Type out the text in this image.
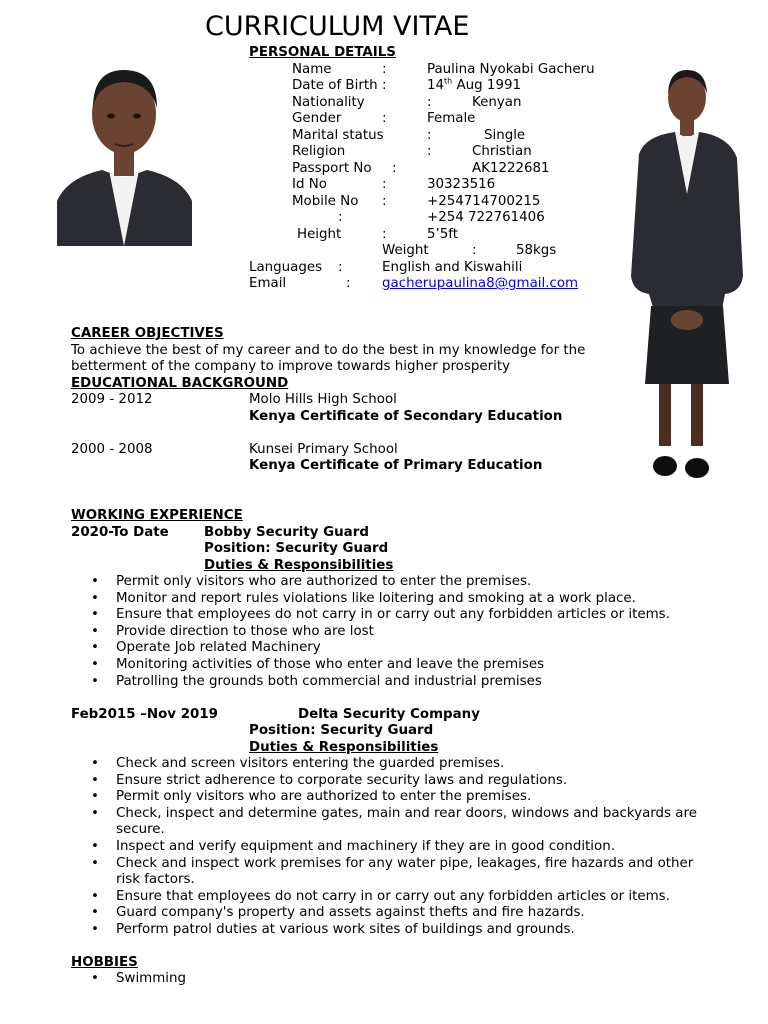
CURRICULUM VITAE
PERSONAL DETAILS
Name	:	Paulina Nyokabi Gacheru
Date of Birth :	14th Aug 1991
Nationality	:	Kenyan
Gender	:	Female
Marital status	:	Single
Religion	:	Christian
Passport No :	AK1222681
Id No	:	30323516
Mobile No :	+254714700215
:	+254 722761406
Height	:	5’5ft
Weight	:	58kgs
Languages :	English and Kiswahili
Email	: gacherupaulina8@gmail.com
CAREER OBJECTIVES
To achieve the best of my career and to do the best in my knowledge for the
betterment of the company to improve towards higher prosperity
EDUCATIONAL BACKGROUND
2009 - 2012	Molo Hills High School
Kenya Certificate of Secondary Education
2000 - 2008	Kunsei Primary School
Kenya Certificate of Primary Education
WORKING EXPERIENCE
2020-To Date	Bobby Security Guard
Position: Security Guard
Duties & Responsibilities
• Permit only visitors who are authorized to enter the premises.
• Monitor and report rules violations like loitering and smoking at a work place.
• Ensure that employees do not carry in or carry out any forbidden articles or items.
• Provide direction to those who are lost
• Operate Job related Machinery
• Monitoring activities of those who enter and leave the premises
• Patrolling the grounds both commercial and industrial premises
Feb2015 –Nov 2019	Delta Security Company
Position: Security Guard
Duties & Responsibilities
• Check and screen visitors entering the guarded premises.
• Ensure strict adherence to corporate security laws and regulations.
• Permit only visitors who are authorized to enter the premises.
• Check, inspect and determine gates, main and rear doors, windows and backyards are secure.
• Inspect and verify equipment and machinery if they are in good condition.
• Check and inspect work premises for any water pipe, leakages, fire hazards and other risk factors.
• Ensure that employees do not carry in or carry out any forbidden articles or items.
• Guard company's property and assets against thefts and fire hazards.
• Perform patrol duties at various work sites of buildings and grounds.
HOBBIES
• Swimming
